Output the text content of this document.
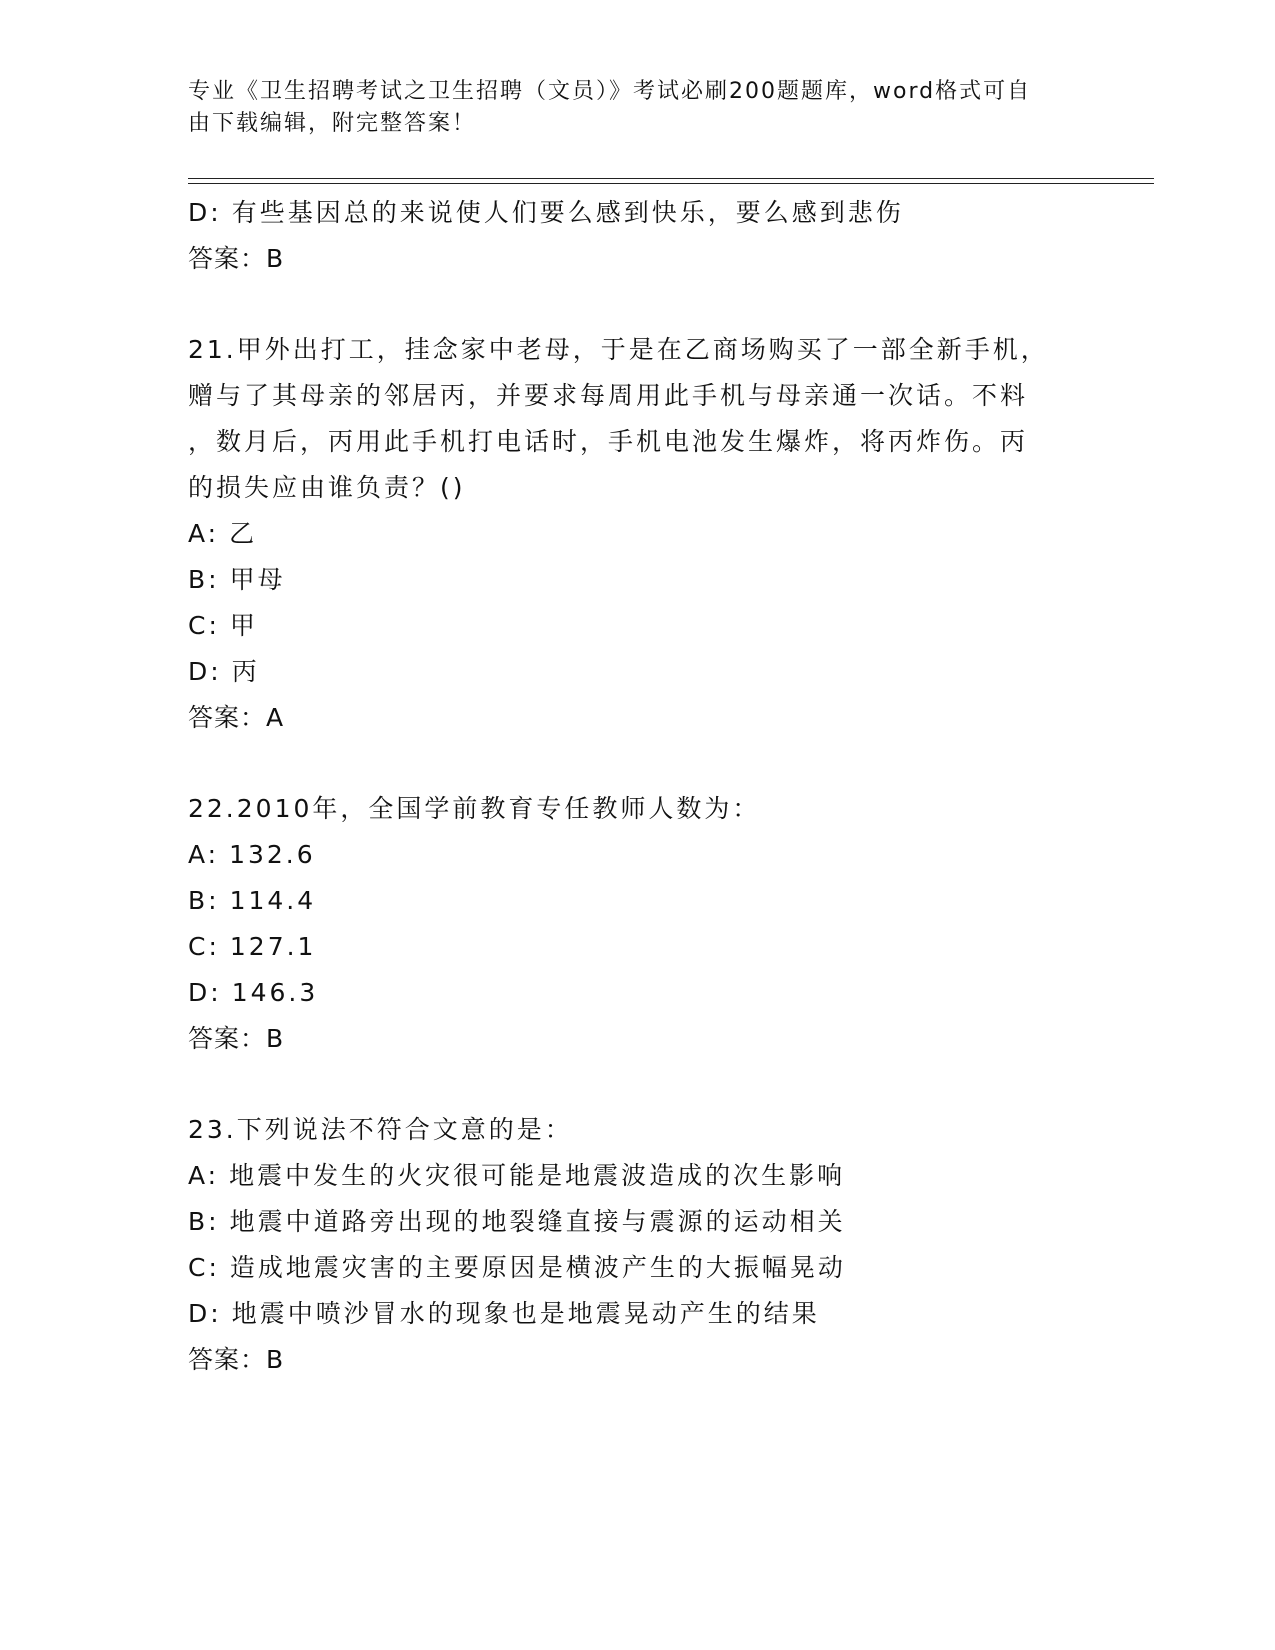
专业《卫生招聘考试之卫生招聘（文员）》考试必刷200题题库，word格式可自
由下载编辑，附完整答案！
D: 有些基因总的来说使人们要么感到快乐，要么感到悲伤
答案：B
21.甲外出打工，挂念家中老母，于是在乙商场购买了一部全新手机，
赠与了其母亲的邻居丙，并要求每周用此手机与母亲通一次话。不料
，数月后，丙用此手机打电话时，手机电池发生爆炸，将丙炸伤。丙
的损失应由谁负责？()
A: 乙
B: 甲母
C: 甲
D: 丙
答案：A
22.2010年，全国学前教育专任教师人数为：
A: 132.6
B: 114.4
C: 127.1
D: 146.3
答案：B
23.下列说法不符合文意的是：
A: 地震中发生的火灾很可能是地震波造成的次生影响
B: 地震中道路旁出现的地裂缝直接与震源的运动相关
C: 造成地震灾害的主要原因是横波产生的大振幅晃动
D: 地震中喷沙冒水的现象也是地震晃动产生的结果
答案：B
